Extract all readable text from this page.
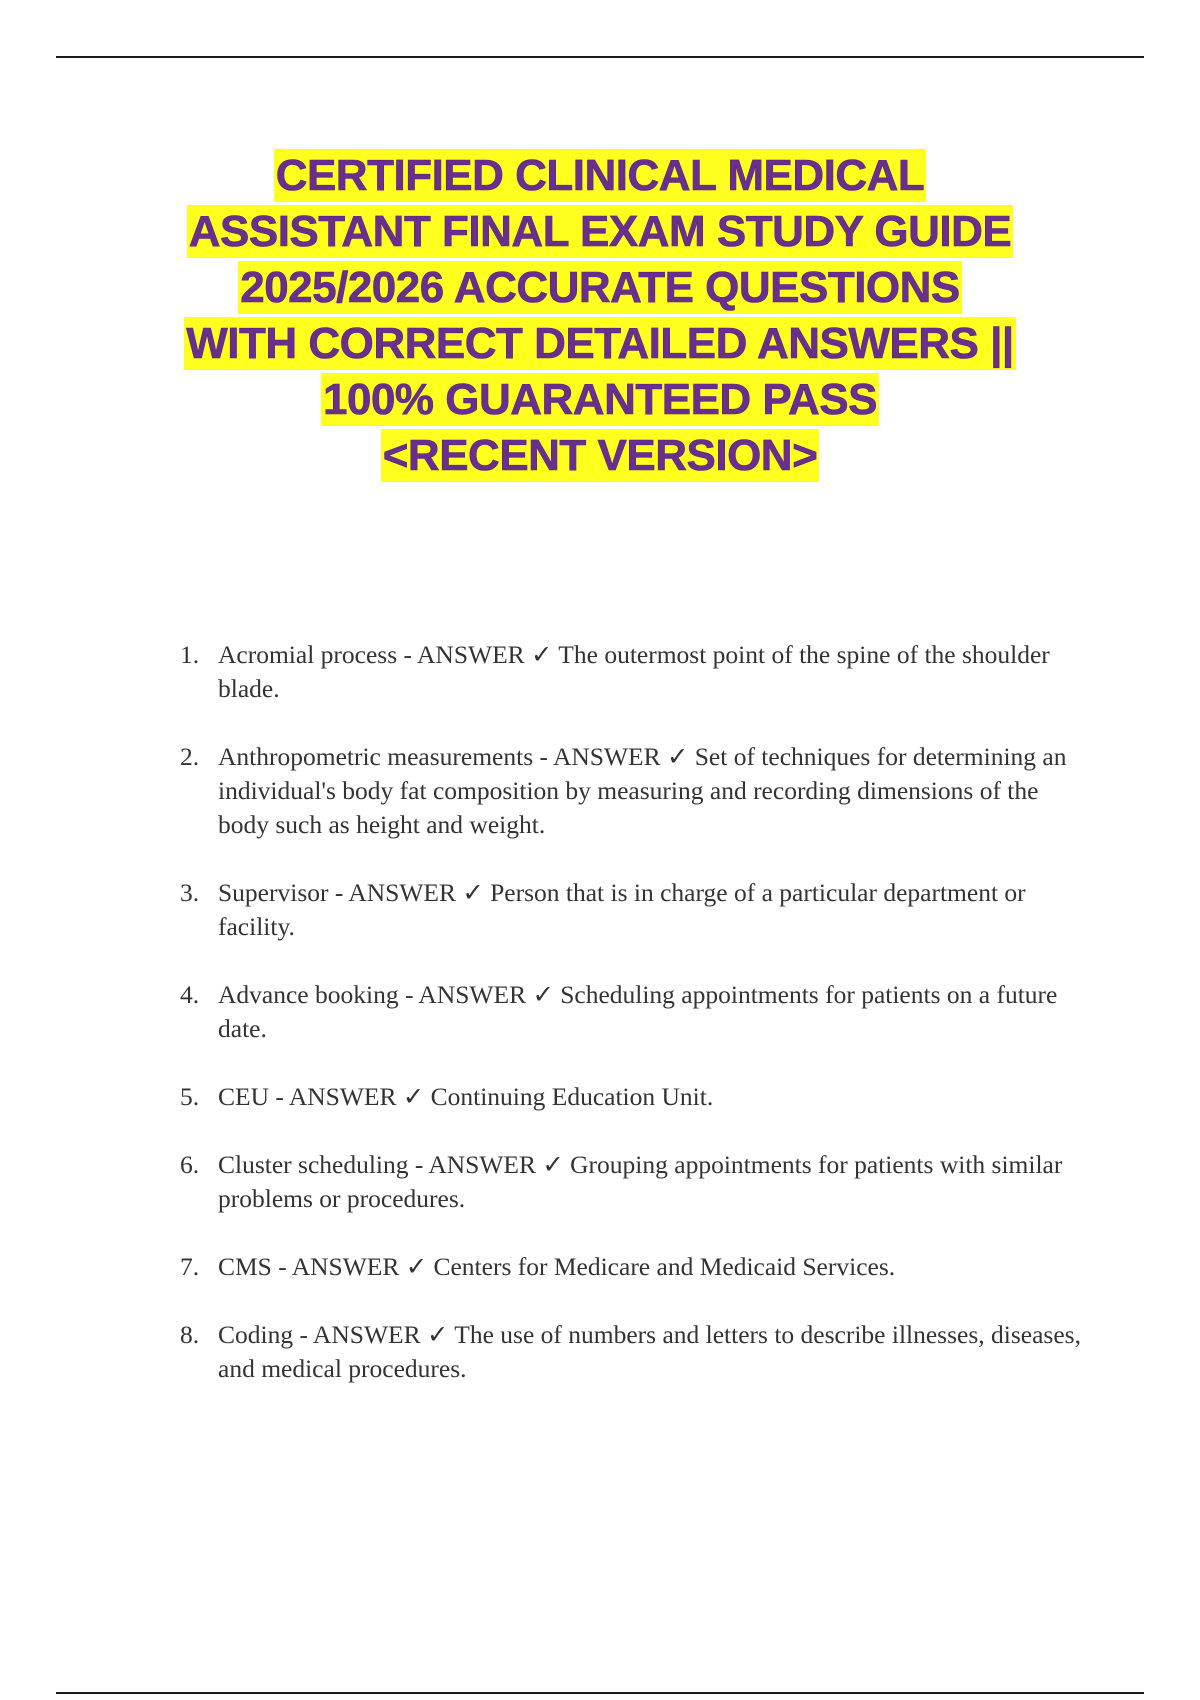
CERTIFIED CLINICAL MEDICAL
ASSISTANT FINAL EXAM STUDY GUIDE
2025/2026 ACCURATE QUESTIONS
WITH CORRECT DETAILED ANSWERS ||
100% GUARANTEED PASS
<RECENT VERSION>
1. Acromial process - ANSWER ✓ The outermost point of the spine of the shoulder blade.
2. Anthropometric measurements - ANSWER ✓ Set of techniques for determining an individual's body fat composition by measuring and recording dimensions of the body such as height and weight.
3. Supervisor - ANSWER ✓ Person that is in charge of a particular department or facility.
4. Advance booking - ANSWER ✓ Scheduling appointments for patients on a future date.
5. CEU - ANSWER ✓ Continuing Education Unit.
6. Cluster scheduling - ANSWER ✓ Grouping appointments for patients with similar problems or procedures.
7. CMS - ANSWER ✓ Centers for Medicare and Medicaid Services.
8. Coding - ANSWER ✓ The use of numbers and letters to describe illnesses, diseases, and medical procedures.
